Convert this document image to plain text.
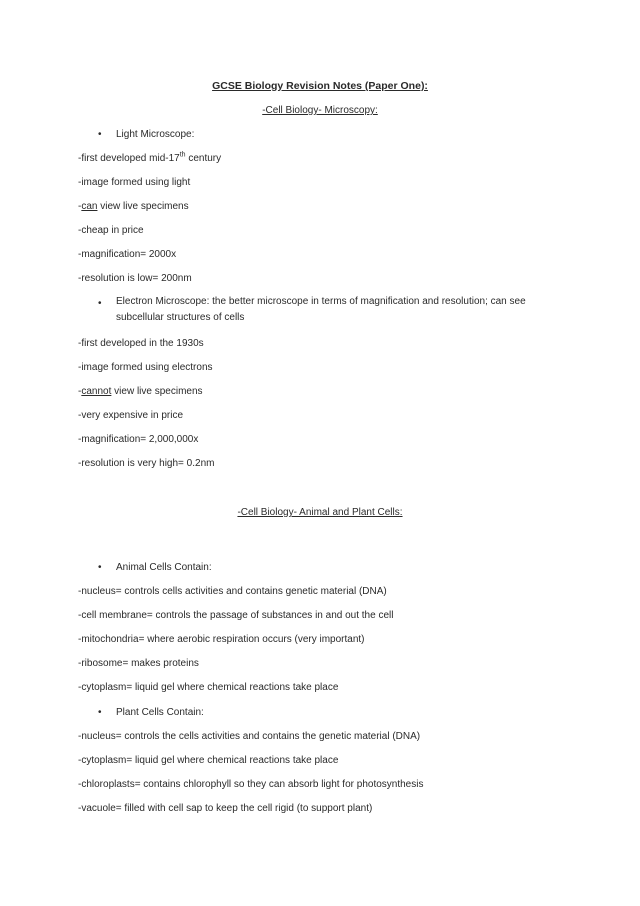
GCSE Biology Revision Notes (Paper One):
-Cell Biology- Microscopy:
• Light Microscope:
-first developed mid-17th century
-image formed using light
-can view live specimens
-cheap in price
-magnification= 2000x
-resolution is low= 200nm
• Electron Microscope: the better microscope in terms of magnification and resolution; can see subcellular structures of cells
-first developed in the 1930s
-image formed using electrons
-cannot view live specimens
-very expensive in price
-magnification= 2,000,000x
-resolution is very high= 0.2nm
-Cell Biology- Animal and Plant Cells:
• Animal Cells Contain:
-nucleus= controls cells activities and contains genetic material (DNA)
-cell membrane= controls the passage of substances in and out the cell
-mitochondria= where aerobic respiration occurs (very important)
-ribosome= makes proteins
-cytoplasm= liquid gel where chemical reactions take place
• Plant Cells Contain:
-nucleus= controls the cells activities and contains the genetic material (DNA)
-cytoplasm= liquid gel where chemical reactions take place
-chloroplasts= contains chlorophyll so they can absorb light for photosynthesis
-vacuole= filled with cell sap to keep the cell rigid (to support plant)
